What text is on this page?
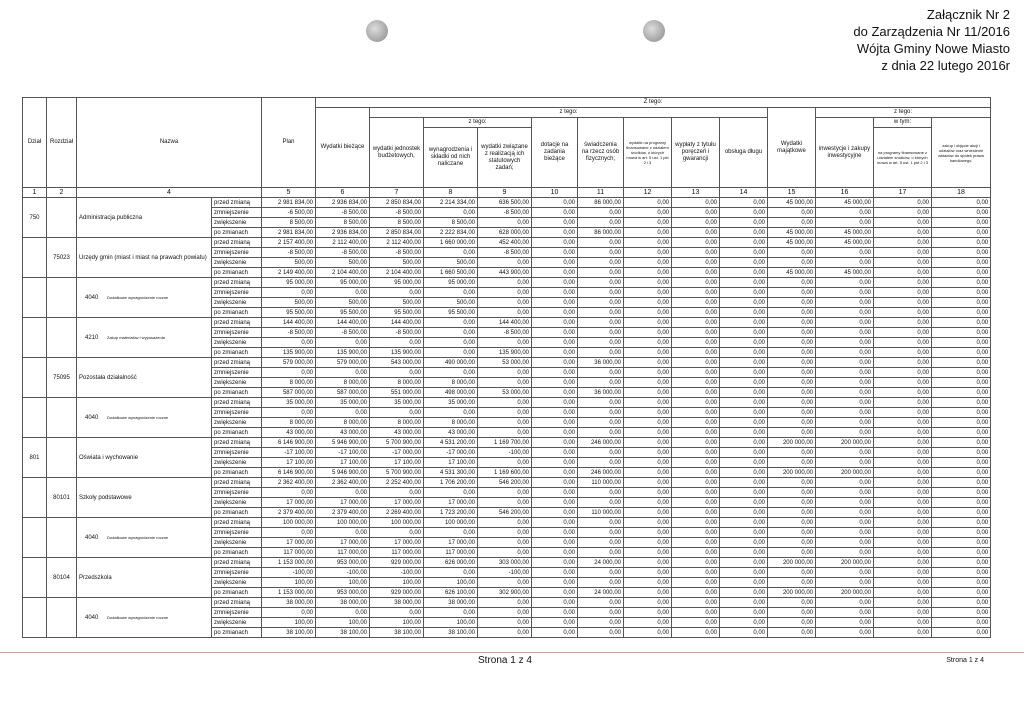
Załącznik Nr 2
do Zarządzenia Nr 11/2016
Wójta Gminy Nowe Miasto
z dnia 22 lutego 2016r
Dział	Rozdział	Nazwa		Plan	Z tego:												
					Wydatki bieżące	z tego:								Wydatki majątkowe	z tego:		
						wydatki jednostek budżetowych,	z tego:		dotacje na zadania bieżące	świadczenia na rzecz osób fizycznych;	wydatki na programy finansowane z udziałem środków, o których mowa w art. 5 ust. 1 pkt 2 i 3	wypłaty z tytułu poręczeń i gwarancji	obsługa długu		inwestycje i zakupy inwestycyjne	w tym:	zakup i objęcie akcji i udziałów oraz wniesienie wkładów do spółek prawa handlowego.
							wynagrodzenia i składki od nich naliczane	wydatki związane z realizacją ich statutowych zadań;								na programy finansowane z udziałem środków, o których mowa w art. 5 ust. 1 pkt 2 i 3	

1	2	4		5	6	7	8	9	10	11	12	13	14	15	16	17	18
750		Administracja publiczna	przed zmianą	2 981 834,00	2 936 834,00	2 850 834,00	2 214 334,00	636 500,00	0,00	86 000,00	0,00	0,00	0,00	45 000,00	45 000,00	0,00	0,00
			zmniejszenie	-6 500,00	-8 500,00	-8 500,00	0,00	-8 500,00	0,00	0,00	0,00	0,00	0,00	0,00	0,00	0,00	0,00
			zwiększenie	8 500,00	8 500,00	8 500,00	8 500,00	0,00	0,00	0,00	0,00	0,00	0,00	0,00	0,00	0,00	0,00
			po zmianach	2 981 834,00	2 936 834,00	2 850 834,00	2 222 834,00	628 000,00	0,00	86 000,00	0,00	0,00	0,00	45 000,00	45 000,00	0,00	0,00
	75023	Urzędy gmin (miast i miast na prawach powiatu)	przed zmianą	2 157 400,00	2 112 400,00	2 112 400,00	1 660 000,00	452 400,00	0,00	0,00	0,00	0,00	0,00	45 000,00	45 000,00	0,00	0,00
			zmniejszenie	-8 500,00	-8 500,00	-8 500,00	0,00	-8 500,00	0,00	0,00	0,00	0,00	0,00	0,00	0,00	0,00	0,00
			zwiększenie	500,00	500,00	500,00	500,00	0,00	0,00	0,00	0,00	0,00	0,00	0,00	0,00	0,00	0,00
			po zmianach	2 149 400,00	2 104 400,00	2 104 400,00	1 660 500,00	443 900,00	0,00	0,00	0,00	0,00	0,00	45 000,00	45 000,00	0,00	0,00
		4040 Dodatkowe wynagrodzenie roczne	przed zmianą	95 000,00	95 000,00	95 000,00	95 000,00	0,00	0,00	0,00	0,00	0,00	0,00	0,00	0,00	0,00	0,00
			zmniejszenie	0,00	0,00	0,00	0,00	0,00	0,00	0,00	0,00	0,00	0,00	0,00	0,00	0,00	0,00
			zwiększenie	500,00	500,00	500,00	500,00	0,00	0,00	0,00	0,00	0,00	0,00	0,00	0,00	0,00	0,00
			po zmianach	95 500,00	95 500,00	95 500,00	95 500,00	0,00	0,00	0,00	0,00	0,00	0,00	0,00	0,00	0,00	0,00
		4210 Zakup materiałów i wyposażenia	przed zmianą	144 400,00	144 400,00	144 400,00	0,00	144 400,00	0,00	0,00	0,00	0,00	0,00	0,00	0,00	0,00	0,00
			zmniejszenie	-8 500,00	-8 500,00	-8 500,00	0,00	-8 500,00	0,00	0,00	0,00	0,00	0,00	0,00	0,00	0,00	0,00
			zwiększenie	0,00	0,00	0,00	0,00	0,00	0,00	0,00	0,00	0,00	0,00	0,00	0,00	0,00	0,00
			po zmianach	135 900,00	135 900,00	135 900,00	0,00	135 900,00	0,00	0,00	0,00	0,00	0,00	0,00	0,00	0,00	0,00
	75095	Pozostała działalność	przed zmianą	579 000,00	579 000,00	543 000,00	490 000,00	53 000,00	0,00	36 000,00	0,00	0,00	0,00	0,00	0,00	0,00	0,00
			zmniejszenie	0,00	0,00	0,00	0,00	0,00	0,00	0,00	0,00	0,00	0,00	0,00	0,00	0,00	0,00
			zwiększenie	8 000,00	8 000,00	8 000,00	8 000,00	0,00	0,00	0,00	0,00	0,00	0,00	0,00	0,00	0,00	0,00
			po zmianach	587 000,00	587 000,00	551 000,00	498 000,00	53 000,00	0,00	36 000,00	0,00	0,00	0,00	0,00	0,00	0,00	0,00
		4040 Dodatkowe wynagrodzenie roczne	przed zmianą	35 000,00	35 000,00	35 000,00	35 000,00	0,00	0,00	0,00	0,00	0,00	0,00	0,00	0,00	0,00	0,00
			zmniejszenie	0,00	0,00	0,00	0,00	0,00	0,00	0,00	0,00	0,00	0,00	0,00	0,00	0,00	0,00
			zwiększenie	8 000,00	8 000,00	8 000,00	8 000,00	0,00	0,00	0,00	0,00	0,00	0,00	0,00	0,00	0,00	0,00
			po zmianach	43 000,00	43 000,00	43 000,00	43 000,00	0,00	0,00	0,00	0,00	0,00	0,00	0,00	0,00	0,00	0,00
801		Oświata i wychowanie	przed zmianą	6 146 900,00	5 946 900,00	5 700 900,00	4 531 200,00	1 169 700,00	0,00	246 000,00	0,00	0,00	0,00	200 000,00	200 000,00	0,00	0,00
			zmniejszenie	-17 100,00	-17 100,00	-17 000,00	-17 000,00	-100,00	0,00	0,00	0,00	0,00	0,00	0,00	0,00	0,00	0,00
			zwiększenie	17 100,00	17 100,00	17 100,00	17 100,00	0,00	0,00	0,00	0,00	0,00	0,00	0,00	0,00	0,00	0,00
			po zmianach	6 146 900,00	5 946 900,00	5 700 900,00	4 531 300,00	1 169 600,00	0,00	246 000,00	0,00	0,00	0,00	200 000,00	200 000,00	0,00	0,00
	80101	Szkoły podstawowe	przed zmianą	2 362 400,00	2 362 400,00	2 252 400,00	1 706 200,00	546 200,00	0,00	110 000,00	0,00	0,00	0,00	0,00	0,00	0,00	0,00
			zmniejszenie	0,00	0,00	0,00	0,00	0,00	0,00	0,00	0,00	0,00	0,00	0,00	0,00	0,00	0,00
			zwiększenie	17 000,00	17 000,00	17 000,00	17 000,00	0,00	0,00	0,00	0,00	0,00	0,00	0,00	0,00	0,00	0,00
			po zmianach	2 379 400,00	2 379 400,00	2 269 400,00	1 723 200,00	546 200,00	0,00	110 000,00	0,00	0,00	0,00	0,00	0,00	0,00	0,00
		4040 Dodatkowe wynagrodzenie roczne	przed zmianą	100 000,00	100 000,00	100 000,00	100 000,00	0,00	0,00	0,00	0,00	0,00	0,00	0,00	0,00	0,00	0,00
			zmniejszenie	0,00	0,00	0,00	0,00	0,00	0,00	0,00	0,00	0,00	0,00	0,00	0,00	0,00	0,00
			zwiększenie	17 000,00	17 000,00	17 000,00	17 000,00	0,00	0,00	0,00	0,00	0,00	0,00	0,00	0,00	0,00	0,00
			po zmianach	117 000,00	117 000,00	117 000,00	117 000,00	0,00	0,00	0,00	0,00	0,00	0,00	0,00	0,00	0,00	0,00
	80104	Przedszkola	przed zmianą	1 153 000,00	953 000,00	929 000,00	626 000,00	303 000,00	0,00	24 000,00	0,00	0,00	0,00	200 000,00	200 000,00	0,00	0,00
			zmniejszenie	-100,00	-100,00	-100,00	0,00	-100,00	0,00	0,00	0,00	0,00	0,00	0,00	0,00	0,00	0,00
			zwiększenie	100,00	100,00	100,00	100,00	0,00	0,00	0,00	0,00	0,00	0,00	0,00	0,00	0,00	0,00
			po zmianach	1 153 000,00	953 000,00	929 000,00	626 100,00	302 900,00	0,00	24 000,00	0,00	0,00	0,00	200 000,00	200 000,00	0,00	0,00
		4040 Dodatkowe wynagrodzenie roczne	przed zmianą	38 000,00	38 000,00	38 000,00	38 000,00	0,00	0,00	0,00	0,00	0,00	0,00	0,00	0,00	0,00	0,00
			zmniejszenie	0,00	0,00	0,00	0,00	0,00	0,00	0,00	0,00	0,00	0,00	0,00	0,00	0,00	0,00
			zwiększenie	100,00	100,00	100,00	100,00	0,00	0,00	0,00	0,00	0,00	0,00	0,00	0,00	0,00	0,00
			po zmianach	38 100,00	38 100,00	38 100,00	38 100,00	0,00	0,00	0,00	0,00	0,00	0,00	0,00	0,00	0,00	0,00
Strona 1 z 4	Strona 1 z 4
